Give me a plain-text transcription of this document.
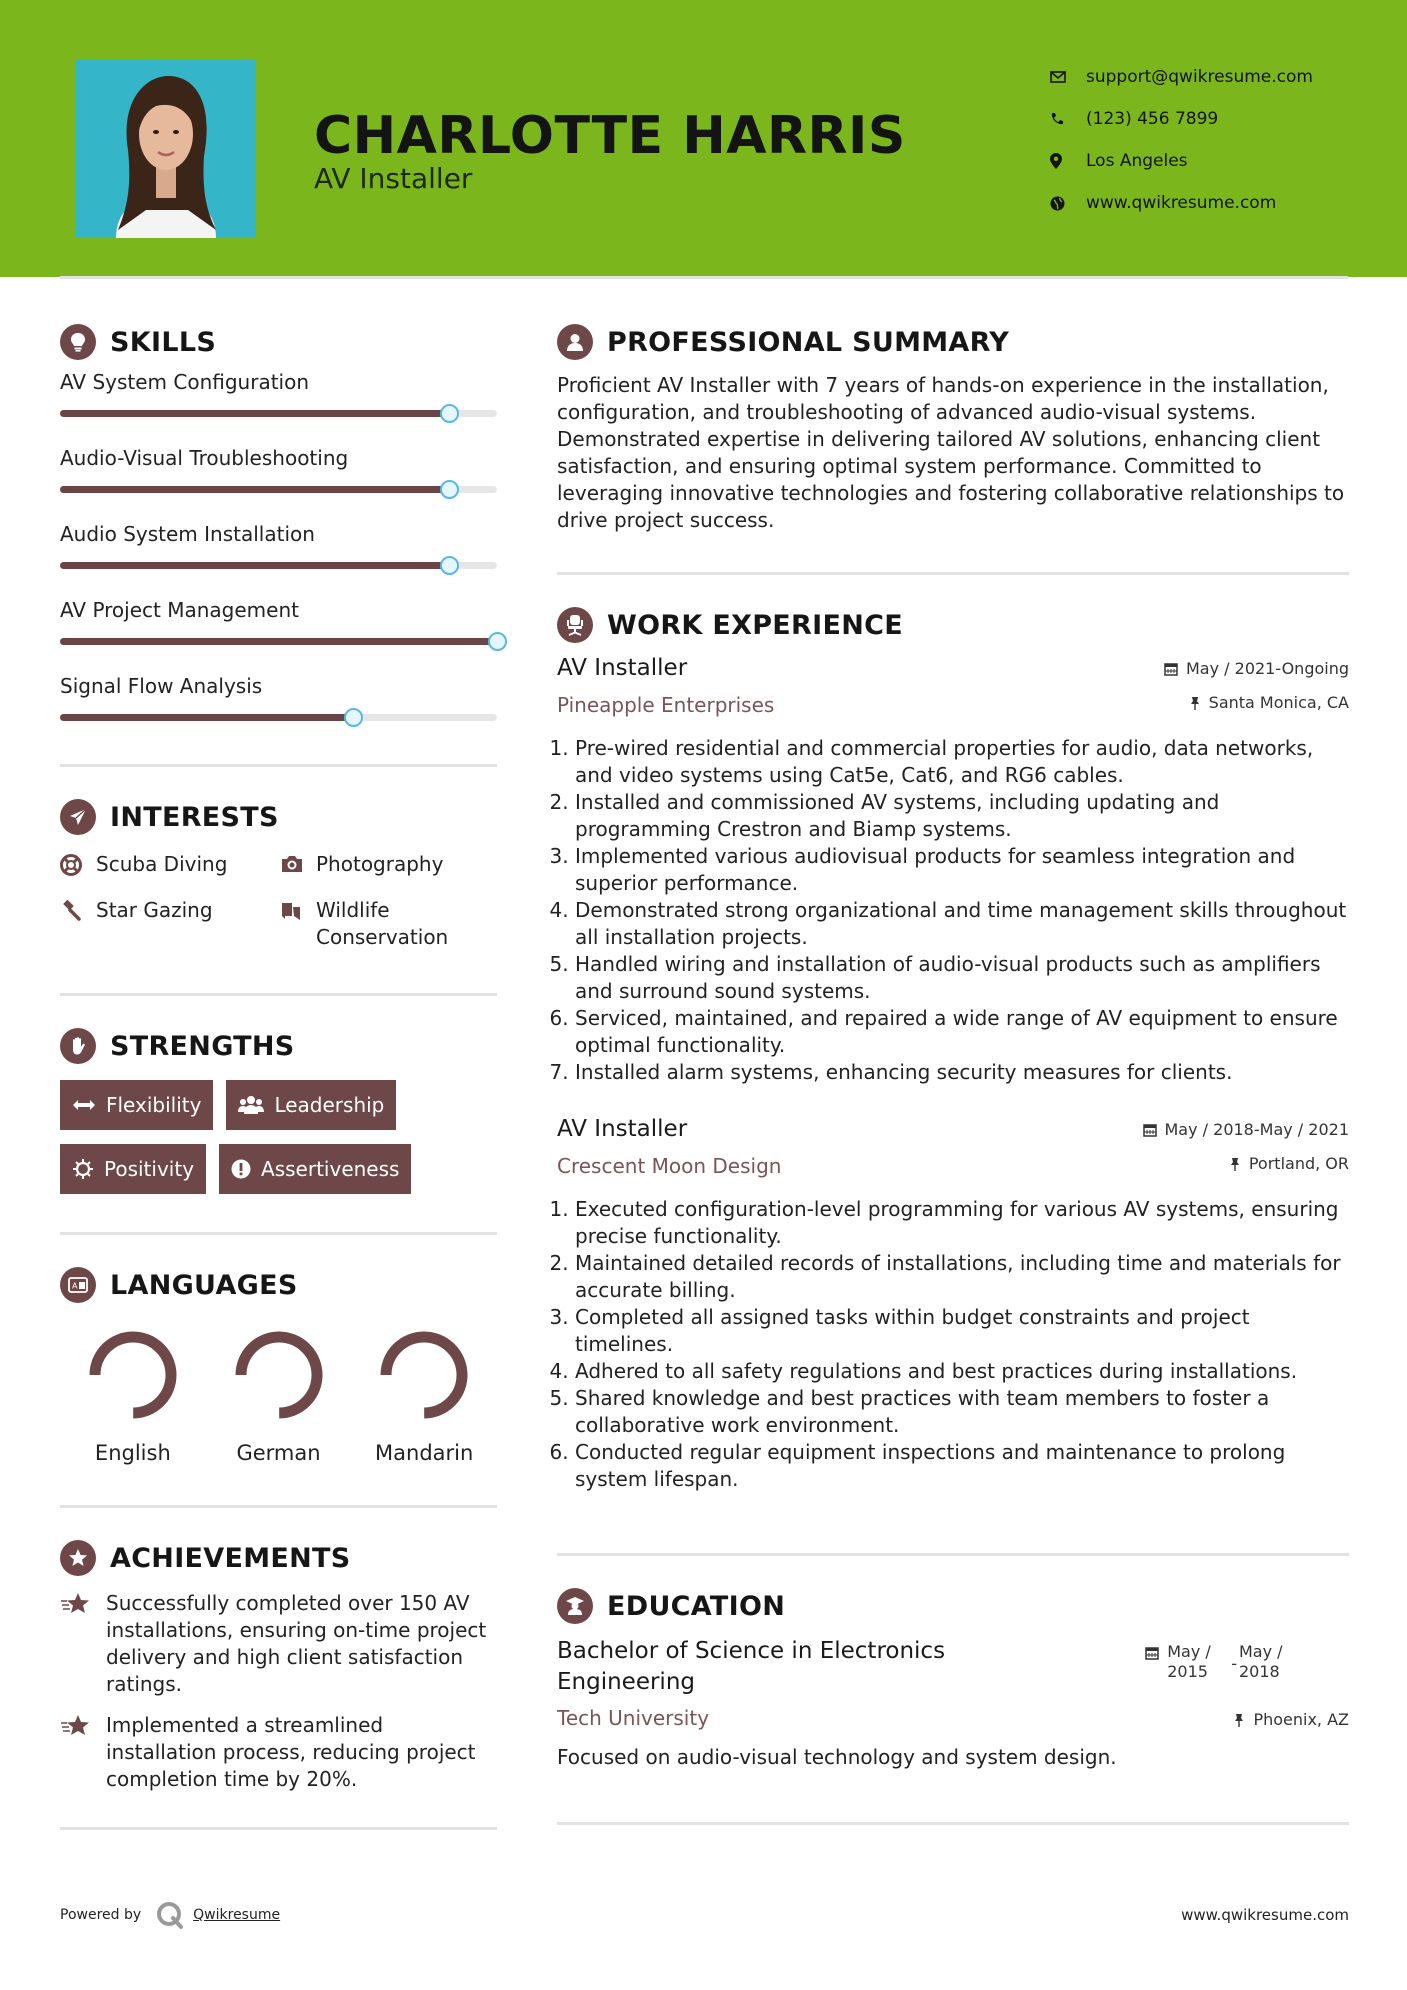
CHARLOTTE HARRIS
AV Installer
support@qwikresume.com
(123) 456 7899
Los Angeles
www.qwikresume.com
SKILLS
AV System Configuration
Audio-Visual Troubleshooting
Audio System Installation
AV Project Management
Signal Flow Analysis
INTERESTS
Scuba Diving	Photography
Star Gazing	Wildlife Conservation
STRENGTHS
Flexibility	Leadership
Positivity	Assertiveness
A LANGUAGES
English	German	Mandarin
ACHIEVEMENTS
Successfully completed over 150 AV installations, ensuring on-time project delivery and high client satisfaction ratings.
Implemented a streamlined installation process, reducing project completion time by 20%.
PROFESSIONAL SUMMARY
Proficient AV Installer with 7 years of hands-on experience in the installation, configuration, and troubleshooting of advanced audio-visual systems. Demonstrated expertise in delivering tailored AV solutions, enhancing client satisfaction, and ensuring optimal system performance. Committed to leveraging innovative technologies and fostering collaborative relationships to drive project success.
WORK EXPERIENCE
AV Installer
Pineapple Enterprises
May / 2021-Ongoing
Santa Monica, CA
1. Pre-wired residential and commercial properties for audio, data networks, and video systems using Cat5e, Cat6, and RG6 cables.
2. Installed and commissioned AV systems, including updating and programming Crestron and Biamp systems.
3. Implemented various audiovisual products for seamless integration and superior performance.
4. Demonstrated strong organizational and time management skills throughout all installation projects.
5. Handled wiring and installation of audio-visual products such as amplifiers and surround sound systems.
6. Serviced, maintained, and repaired a wide range of AV equipment to ensure optimal functionality.
7. Installed alarm systems, enhancing security measures for clients.
AV Installer
Crescent Moon Design
May / 2018-May / 2021
Portland, OR
1. Executed configuration-level programming for various AV systems, ensuring precise functionality.
2. Maintained detailed records of installations, including time and materials for accurate billing.
3. Completed all assigned tasks within budget constraints and project timelines.
4. Adhered to all safety regulations and best practices during installations.
5. Shared knowledge and best practices with team members to foster a collaborative work environment.
6. Conducted regular equipment inspections and maintenance to prolong system lifespan.
EDUCATION
Bachelor of Science in Electronics Engineering
Tech University
May / 2015	-
May / 2018
Phoenix, AZ
Focused on audio-visual technology and system design.
Powered by	Qwikresume	www.qwikresume.com
